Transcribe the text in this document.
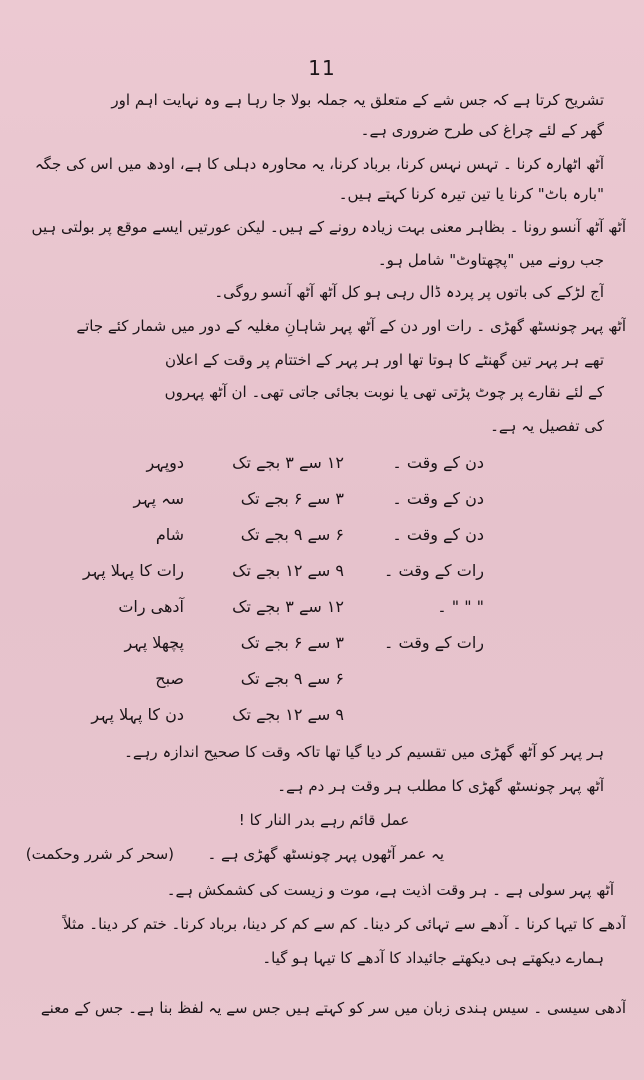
11
تشریح کرتا ہے کہ جس شے کے متعلق یہ جملہ بولا جا رہا ہے وہ نہایت اہم اور
گھر کے لئے چراغ کی طرح ضروری ہے۔
آٹھ اٹھارہ کرنا ۔ تہس نہس کرنا، برباد کرنا، یہ محاورہ دہلی کا ہے، اودھ میں اس کی جگہ
"بارہ باٹ" کرنا یا تین تیرہ کرنا کہتے ہیں۔
آٹھ آٹھ آنسو رونا ۔ بظاہر معنی بہت زیادہ رونے کے ہیں۔ لیکن عورتیں ایسے موقع پر بولتی ہیں
جب رونے میں "پچھتاوٹ" شامل ہو۔
آج لڑکے کی باتوں پر پردہ ڈال رہی ہو کل آٹھ آٹھ آنسو روگی۔
آٹھ پہر چونسٹھ گھڑی ۔ رات اور دن کے آٹھ پہر شاہانِ مغلیہ کے دور میں شمار کئے جاتے
تھے ہر پہر تین گھنٹے کا ہوتا تھا اور ہر پہر کے اختتام پر وقت کے اعلان
کے لئے نقارے پر چوٹ پڑتی تھی یا نوبت بجائی جاتی تھی۔ ان آٹھ پہروں
کی تفصیل یہ ہے۔
دن کے وقت ۔
۱۲ سے ۳ بجے تک
دوپہر
دن کے وقت ۔
۳ سے ۶ بجے تک
سہ پہر
دن کے وقت ۔
۶ سے ۹ بجے تک
شام
رات کے وقت ۔
۹ سے ۱۲ بجے تک
رات کا پہلا پہر
" " " ۔
۱۲ سے ۳ بجے تک
آدھی رات
رات کے وقت ۔
۳ سے ۶ بجے تک
پچھلا پہر
۶ سے ۹ بجے تک
صبح
۹ سے ۱۲ بجے تک
دن کا پہلا پہر
ہر پہر کو آٹھ گھڑی میں تقسیم کر دیا گیا تھا تاکہ وقت کا صحیح اندازہ رہے۔
آٹھ پہر چونسٹھ گھڑی کا مطلب ہر وقت ہر دم ہے۔
عمل قائم رہے بدر النار کا !
یہ عمر آٹھوں پہر چونسٹھ گھڑی ہے ۔
(سحر کر شرر وحکمت)
آٹھ پہر سولی ہے ۔ ہر وقت اذیت ہے، موت و زیست کی کشمکش ہے۔
آدھے کا تیہا کرنا ۔ آدھے سے تہائی کر دینا۔ کم سے کم کر دینا، برباد کرنا۔ ختم کر دینا۔ مثلاً
ہمارے دیکھتے ہی دیکھتے جائیداد کا آدھے کا تیہا ہو گیا۔
آدھی سیسی ۔ سیس ہندی زبان میں سر کو کہتے ہیں جس سے یہ لفظ بنا ہے۔ جس کے معنے
